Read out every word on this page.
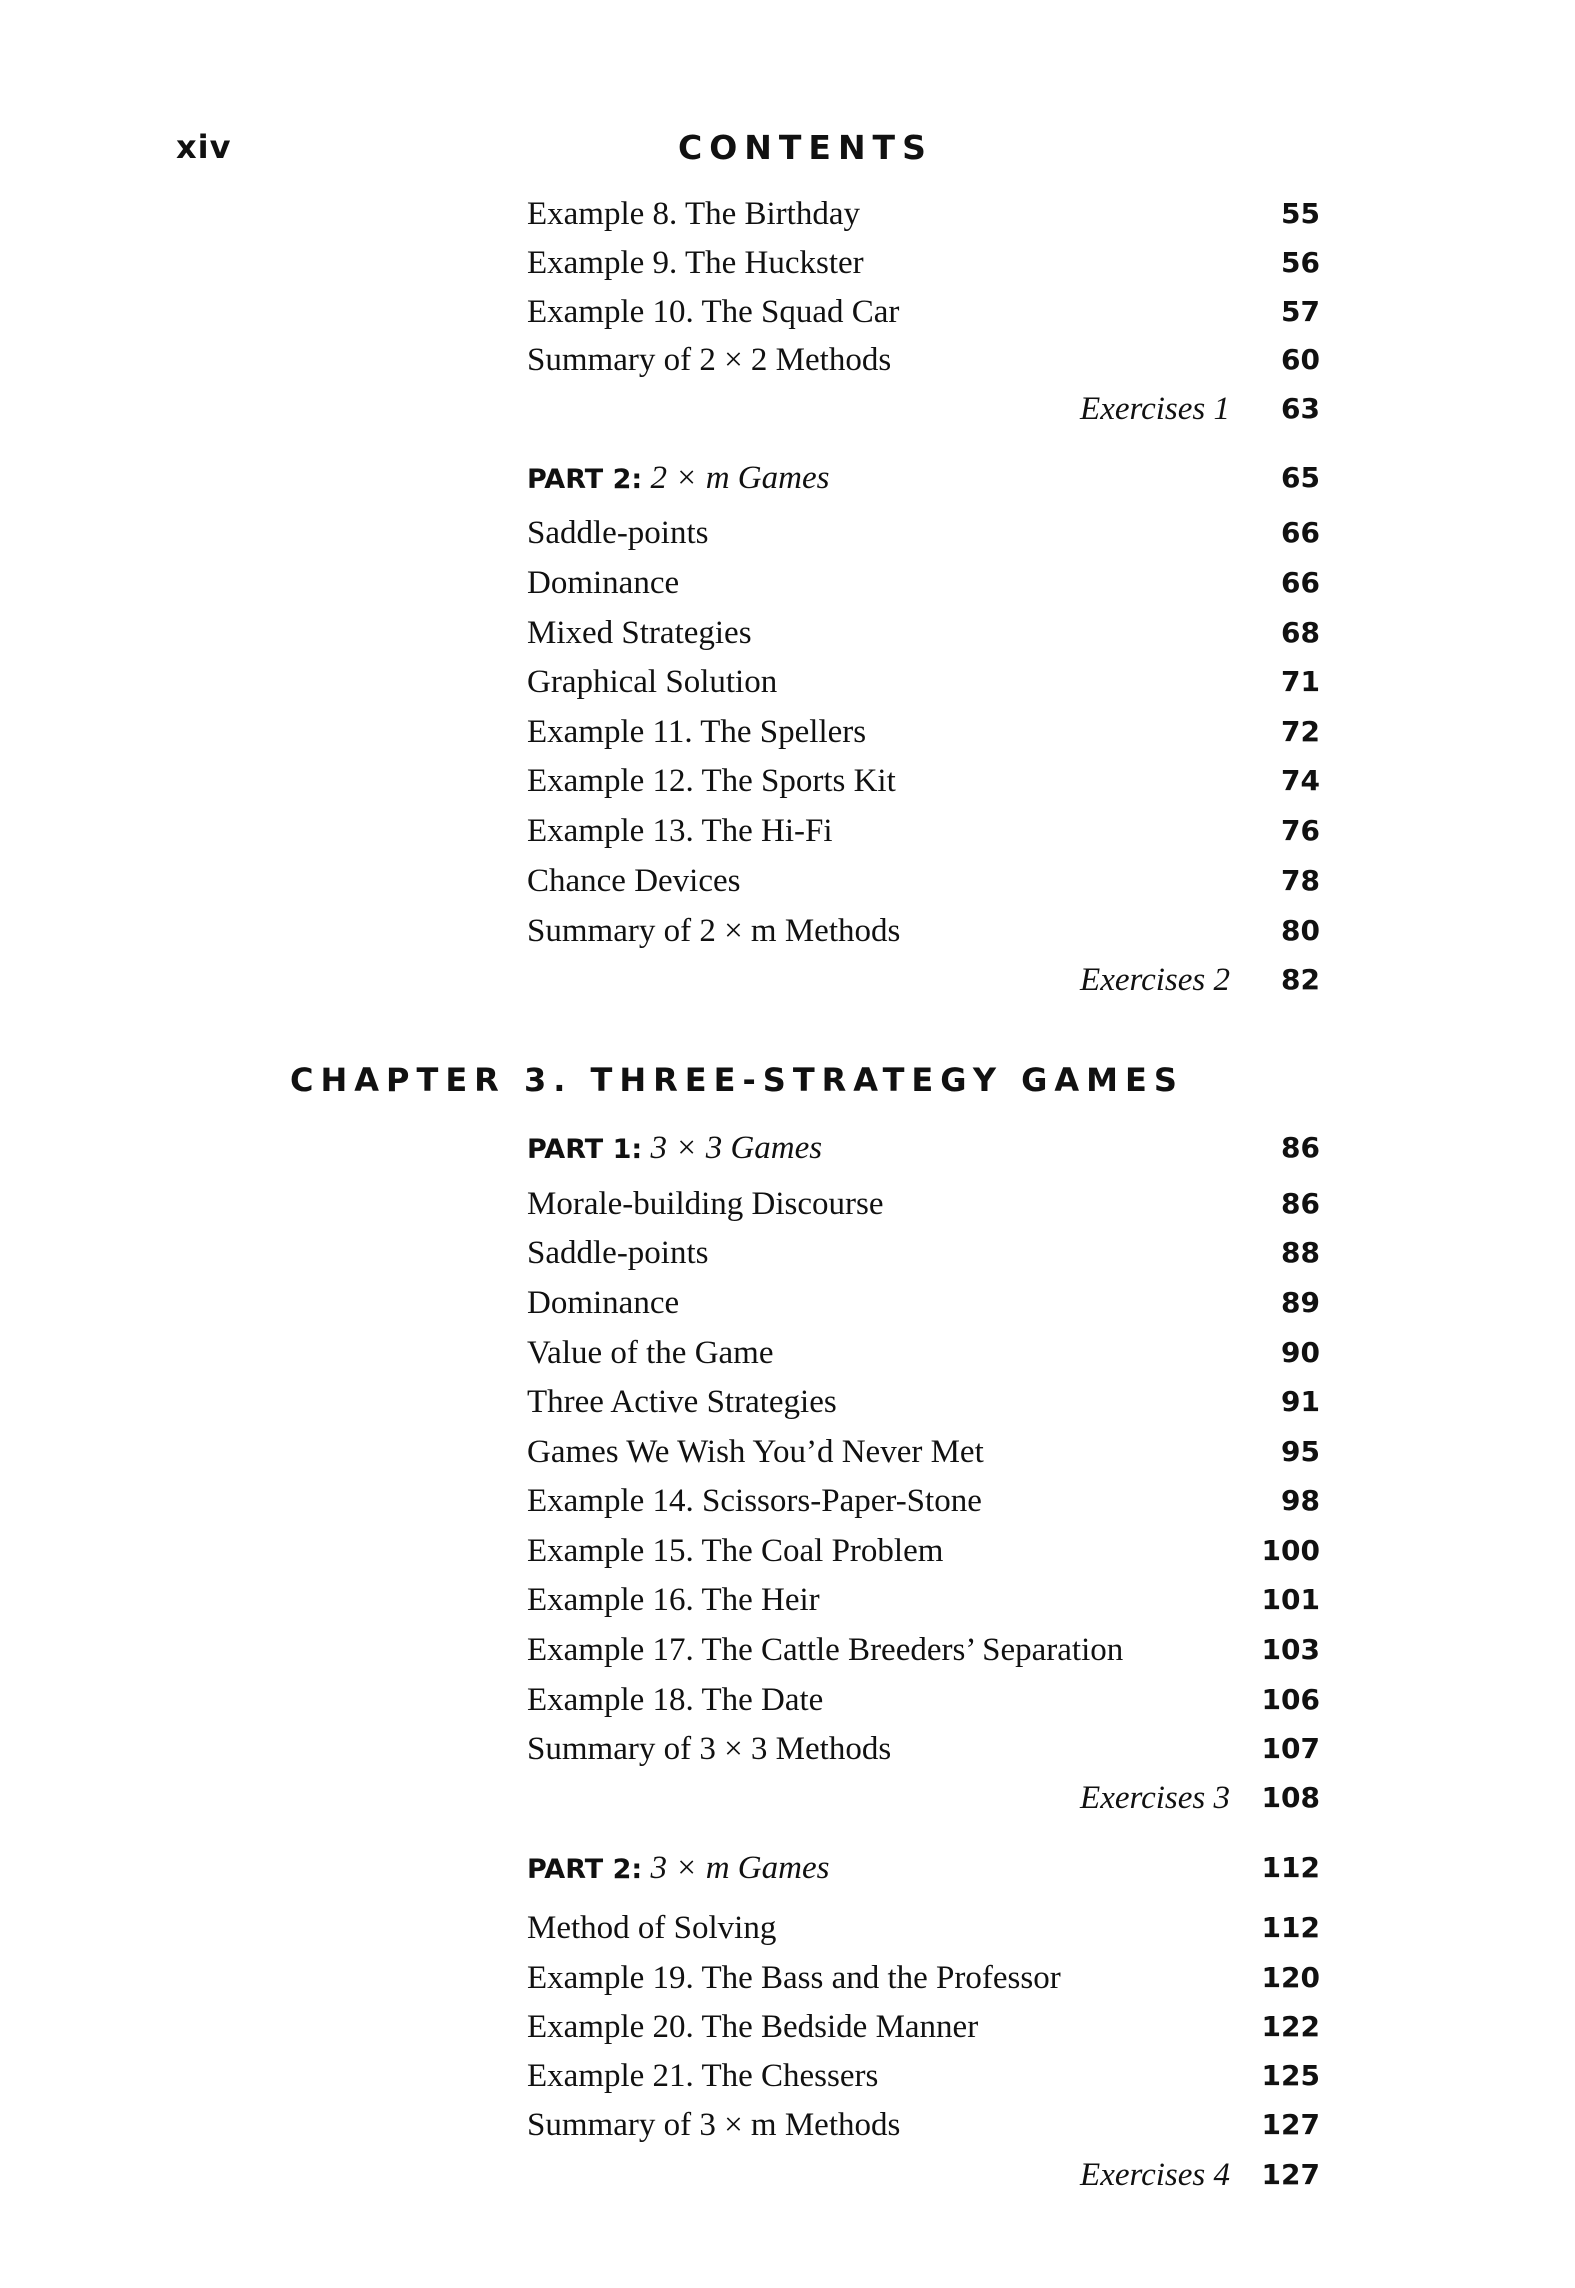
xiv	CONTENTS
Example 8. The Birthday	55
Example 9. The Huckster	56
Example 10. The Squad Car	57
Summary of 2 × 2 Methods	60
Exercises 1 63
PART 2: 2 × m Games	65
Saddle-points	66
Dominance	66
Mixed Strategies	68
Graphical Solution	71
Example 11. The Spellers	72
Example 12. The Sports Kit	74
Example 13. The Hi-Fi	76
Chance Devices	78
Summary of 2 × m Methods	80
Exercises 2 82
CHAPTER 3. THREE-STRATEGY GAMES
PART 1: 3 × 3 Games	86
Morale-building Discourse	86
Saddle-points	88
Dominance	89
Value of the Game	90
Three Active Strategies	91
Games We Wish You’d Never Met	95
Example 14. Scissors-Paper-Stone	98
Example 15. The Coal Problem	100
Example 16. The Heir	101
Example 17. The Cattle Breeders’ Separation	103
Example 18. The Date	106
Summary of 3 × 3 Methods	107
Exercises 3 108
PART 2: 3 × m Games	112
Method of Solving	112
Example 19. The Bass and the Professor	120
Example 20. The Bedside Manner	122
Example 21. The Chessers	125
Summary of 3 × m Methods	127
Exercises 4 127
